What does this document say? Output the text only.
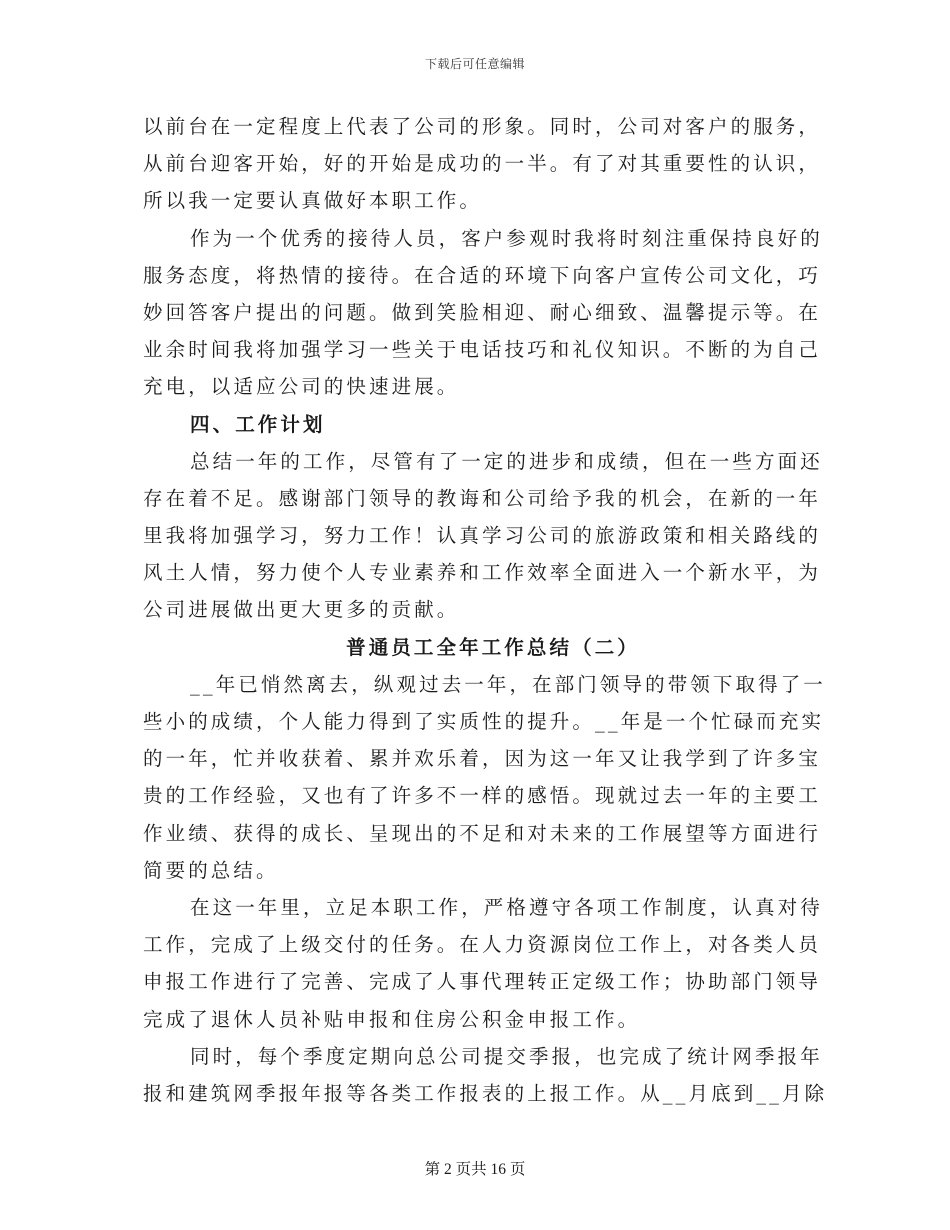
下载后可任意编辑
以前台在一定程度上代表了公司的形象。同时，公司对客户的服务，
从前台迎客开始，好的开始是成功的一半。有了对其重要性的认识，
所以我一定要认真做好本职工作。
作为一个优秀的接待人员，客户参观时我将时刻注重保持良好的
服务态度，将热情的接待。在合适的环境下向客户宣传公司文化，巧
妙回答客户提出的问题。做到笑脸相迎、耐心细致、温馨提示等。在
业余时间我将加强学习一些关于电话技巧和礼仪知识。不断的为自己
充电，以适应公司的快速进展。
四、工作计划
总结一年的工作，尽管有了一定的进步和成绩，但在一些方面还
存在着不足。感谢部门领导的教诲和公司给予我的机会，在新的一年
里我将加强学习，努力工作！认真学习公司的旅游政策和相关路线的
风土人情，努力使个人专业素养和工作效率全面进入一个新水平，为
公司进展做出更大更多的贡献。
普通员工全年工作总结（二）
__年已悄然离去，纵观过去一年，在部门领导的带领下取得了一
些小的成绩，个人能力得到了实质性的提升。__年是一个忙碌而充实
的一年，忙并收获着、累并欢乐着，因为这一年又让我学到了许多宝
贵的工作经验，又也有了许多不一样的感悟。现就过去一年的主要工
作业绩、获得的成长、呈现出的不足和对未来的工作展望等方面进行
简要的总结。
在这一年里，立足本职工作，严格遵守各项工作制度，认真对待
工作，完成了上级交付的任务。在人力资源岗位工作上，对各类人员
申报工作进行了完善、完成了人事代理转正定级工作；协助部门领导
完成了退休人员补贴申报和住房公积金申报工作。
同时，每个季度定期向总公司提交季报，也完成了统计网季报年
报和建筑网季报年报等各类工作报表的上报工作。从__月底到__月除
第 2 页共 16 页
